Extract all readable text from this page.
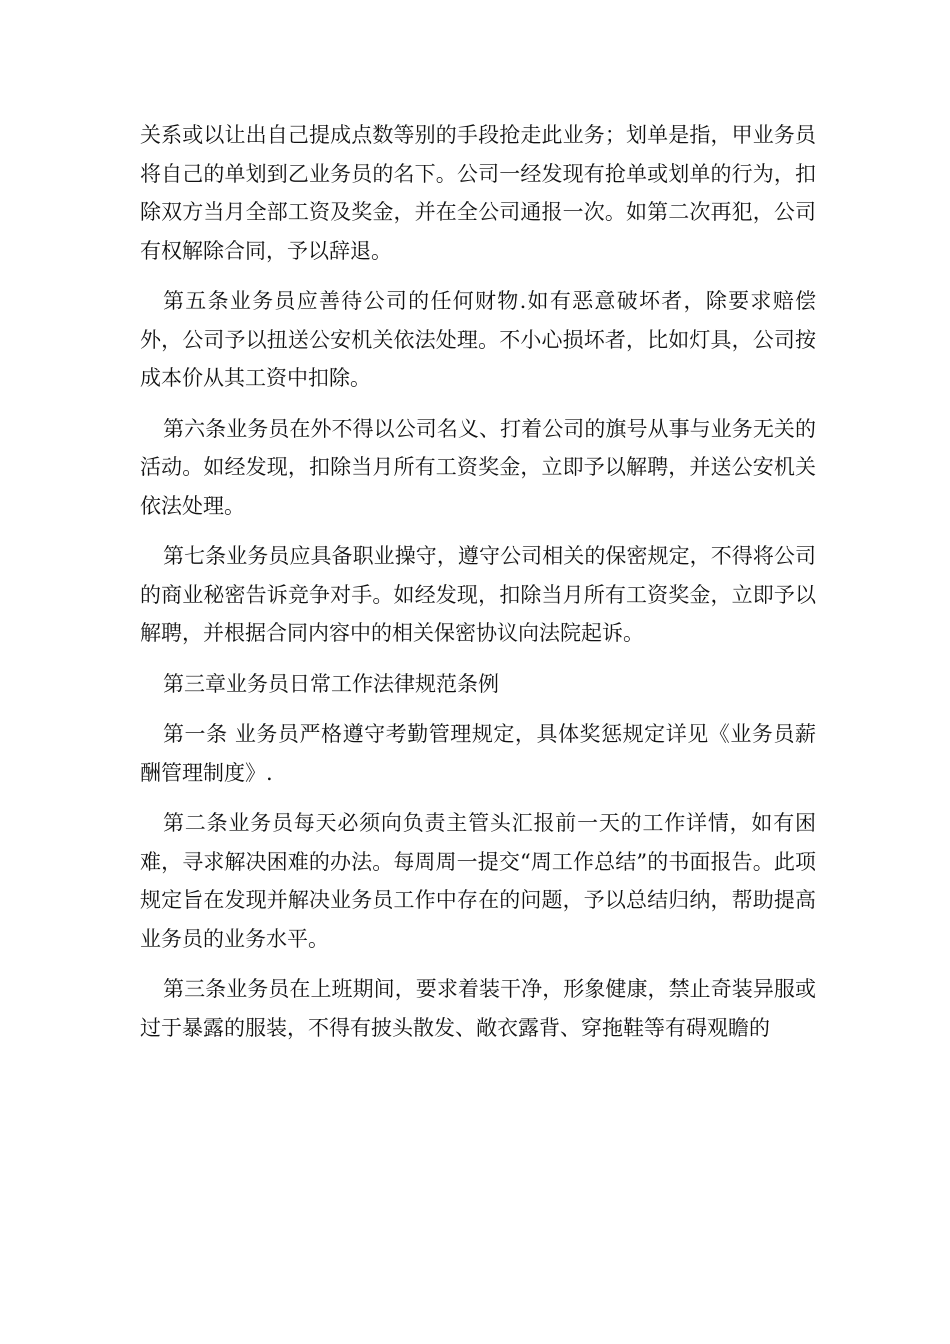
关系或以让出自己提成点数等别的手段抢走此业务；划单是指，甲业务员将自己的单划到乙业务员的名下。公司一经发现有抢单或划单的行为，扣除双方当月全部工资及奖金，并在全公司通报一次。如第二次再犯，公司有权解除合同，予以辞退。

第五条业务员应善待公司的任何财物.如有恶意破坏者，除要求赔偿外，公司予以扭送公安机关依法处理。不小心损坏者，比如灯具，公司按成本价从其工资中扣除。

第六条业务员在外不得以公司名义、打着公司的旗号从事与业务无关的活动。如经发现，扣除当月所有工资奖金，立即予以解聘，并送公安机关依法处理。

第七条业务员应具备职业操守，遵守公司相关的保密规定，不得将公司的商业秘密告诉竞争对手。如经发现，扣除当月所有工资奖金，立即予以解聘，并根据合同内容中的相关保密协议向法院起诉。

第三章业务员日常工作法律规范条例

第一条 业务员严格遵守考勤管理规定，具体奖惩规定详见《业务员薪酬管理制度》.

第二条业务员每天必须向负责主管头汇报前一天的工作详情，如有困难，寻求解决困难的办法。每周周一提交“周工作总结”的书面报告。此项规定旨在发现并解决业务员工作中存在的问题，予以总结归纳，帮助提高业务员的业务水平。

第三条业务员在上班期间，要求着装干净，形象健康，禁止奇装异服或过于暴露的服装，不得有披头散发、敞衣露背、穿拖鞋等有碍观瞻的
